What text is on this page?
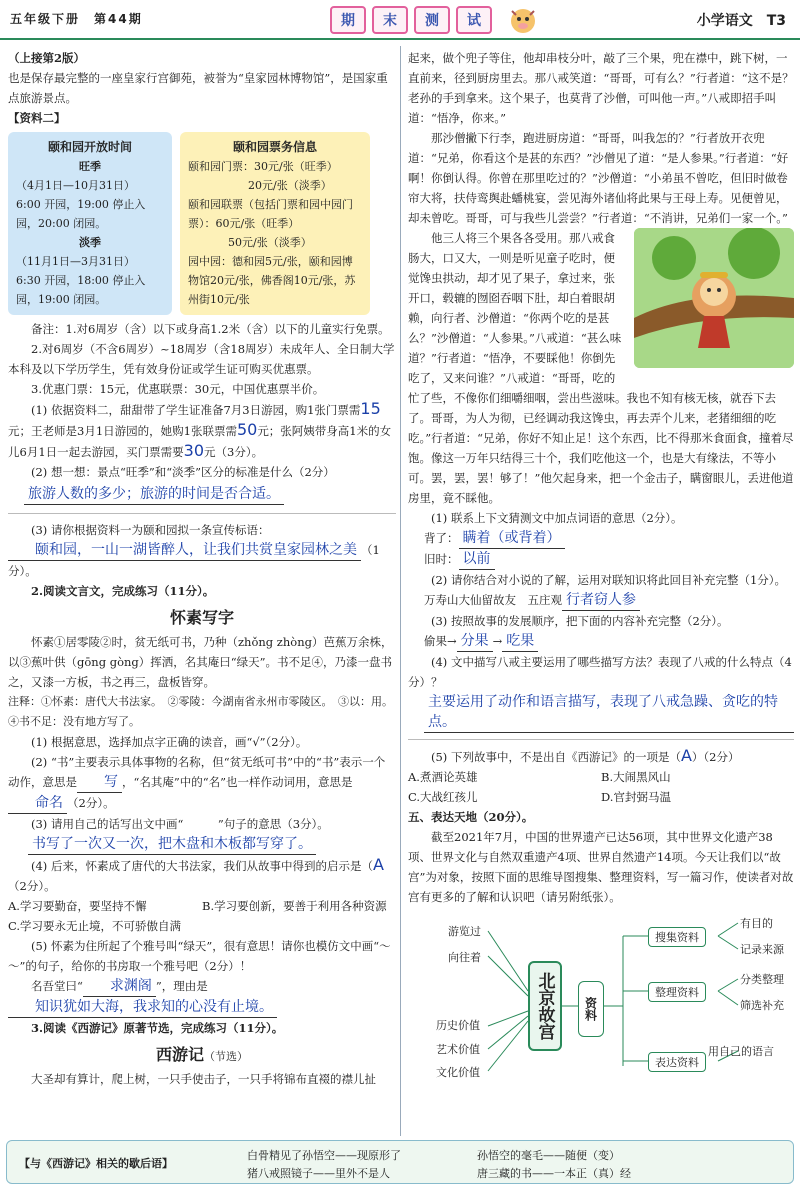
五年级下册　第44期	期	末	测	试	小学语文　T3

（上接第2版）

也是保存最完整的一座皇家行宫御苑，被誉为“皇家园林博物馆”，是国家重点旅游景点。

【资料二】

颐和园开放时间
旺季
（4月1日—10月31日）
6:00 开园，19:00 停止入园，20:00 闭园。
淡季
（11月1日—3月31日）
6:30 开园，18:00 停止入园，19:00 闭园。
颐和园票务信息
颐和园门票：30元/张（旺季）
20元/张（淡季）
颐和园联票（包括门票和园中园门票）：60元/张（旺季）
50元/张（淡季）
园中园：德和园5元/张，颐和园博物馆20元/张，佛香阁10元/张，苏州街10元/张

备注：1.对6周岁（含）以下或身高1.2米（含）以下的儿童实行免票。

2.对6周岁（不含6周岁）~18周岁（含18周岁）未成年人、全日制大学本科及以下学历学生，凭有效身份证或学生证可购买优惠票。

3.优惠门票：15元，优惠联票：30元，中国优惠票半价。

(1) 依据资料二，甜甜带了学生证准备7月3日游园，购1张门票需15元；王老师是3月1日游园的，她购1张联票需50元；张阿姨带身高1米的女儿6月1日一起去游园，买门票需要30元（3分）。

(2) 想一想：景点“旺季”和“淡季”区分的标准是什么（2分）

旅游人数的多少；旅游的时间是否合适。

(3) 请你根据资料一为颐和园拟一条宣传标语：颐和园，一山一湖皆醉人，让我们共赏皇家园林之美 （1分）。

2.阅读文言文，完成练习（11分）。

怀素写字

怀素①居零陵②时，贫无纸可书，乃种（zhǒng zhòng）芭蕉万余株，以③蕉叶供（gōng gòng）挥洒，名其庵曰“绿天”。书不足④，乃漆一盘书之，又漆一方板，书之再三，盘板皆穿。

注释：①怀素：唐代大书法家。　②零陵：今湖南省永州市零陵区。　③以：用。　④书不足：没有地方写了。

(1) 根据意思，选择加点字正确的读音，画“√”（2分）。

(2) “书”主要表示具体事物的名称，但“贫无纸可书”中的“书”表示一个动作，意思是 写 ，“名其庵”中的“名”也一样作动词用，意思是命名 （2分）。

(3) 请用自己的话写出文中画“　　　”句子的意思（3分）。

书写了一次又一次，把木盘和木板都写穿了。

(4) 后来，怀素成了唐代的大书法家，我们从故事中得到的启示是（A（2分）。

A.学习要勤奋，要坚持不懈	B.学习要创新，要善于利用各种资源
C.学习要永无止境，不可骄傲自满

(5) 怀素为住所起了个雅号叫“绿天”，很有意思！请你也模仿文中画“～～”的句子，给你的书房取一个雅号吧（2分）！

名吾堂曰“ 求渊阁 ”，理由是知识犹如大海，我求知的心没有止境。

3.阅读《西游记》原著节选，完成练习（11分）。

西游记（节选）

大圣却有算计，爬上树，一只手使击子，一只手将锦布直裰的襟儿扯

起来，做个兜子等住，他却串枝分叶，敲了三个果，兜在襟中，跳下树，一直前来，径到厨房里去。那八戒笑道：“哥哥，可有么？”行者道：“这不是？老孙的手到拿来。这个果子，也莫背了沙僧，可叫他一声。”八戒即招手叫道：“悟净，你来。”

那沙僧撇下行李，跑进厨房道：“哥哥，叫我怎的？”行者放开衣兜道：“兄弟，你看这个是甚的东西？”沙僧见了道：“是人参果。”行者道：“好啊！你倒认得。你曾在那里吃过的？”沙僧道：“小弟虽不曾吃，但旧时做卷帘大将，扶侍鸾舆赴蟠桃宴，尝见海外诸仙将此果与王母上寿。见便曾见，却未曾吃。哥哥，可与我些儿尝尝？”行者道：“不消讲，兄弟们一家一个。”

他三人将三个果各各受用。那八戒食肠大，口又大，一则是听见童子吃时，便觉馋虫拱动，却才见了果子，拿过来，张开口，毂辘的囫囵吞咽下肚，却白着眼胡赖，向行者、沙僧道：“你两个吃的是甚么？”沙僧道：“人参果。”八戒道：“甚么味道？”行者道：“悟净，不要睬他！你倒先吃了，又来问谁？”八戒道：“哥哥，吃的忙了些，不像你们细嚼细咽，尝出些滋味。我也不知有核无核，就吞下去了。哥哥，为人为彻，已经调动我这馋虫，再去弄个儿来，老猪细细的吃吃。”行者道：“兄弟，你好不知止足！这个东西，比不得那米食面食，撞着尽饱。像这一万年只结得三十个，我们吃他这一个，也是大有缘法，不等小可。罢，罢，罢！够了！”他欠起身来，把一个金击子，瞒窗眼儿，丢进他道房里，竟不睬他。

(1) 联系上下文猜测文中加点词语的意思（2分）。

背了： 瞒着（或背着）

旧时： 以前

(2) 请你结合对小说的了解，运用对联知识将此回目补充完整（1分）。

万寿山大仙留故友　五庄观 行者窃人参

(3) 按照故事的发展顺序，把下面的内容补充完整（2分）。

偷果→ 分果 → 吃果

(4) 文中描写八戒主要运用了哪些描写方法？表现了八戒的什么特点（4分）？

主要运用了动作和语言描写，表现了八戒急躁、贪吃的特点。

(5) 下列故事中，不是出自《西游记》的一项是（A）（2分）

A.煮酒论英雄	B.大闹黑风山
C.大战红孩儿	D.官封弼马温

五、表达天地（20分）。

截至2021年7月，中国的世界遗产已达56项，其中世界文化遗产38项、世界文化与自然双重遗产4项、世界自然遗产14项。今天让我们以“故宫”为对象，按照下面的思维导图搜集、整理资料，写一篇习作，使读者对故宫有更多的了解和认识吧（请另附纸张）。

游览过
向往着
历史价值
艺术价值
文化价值
北京故宫	资料
搜集资料
整理资料
表达资料
有目的
记录来源
分类整理
筛选补充
用自己的语言
【与《西游记》相关的歇后语】
白骨精见了孙悟空——现原形了	孙悟空的毫毛——随便（变）
猪八戒照镜子——里外不是人	唐三藏的书——一本正（真）经
